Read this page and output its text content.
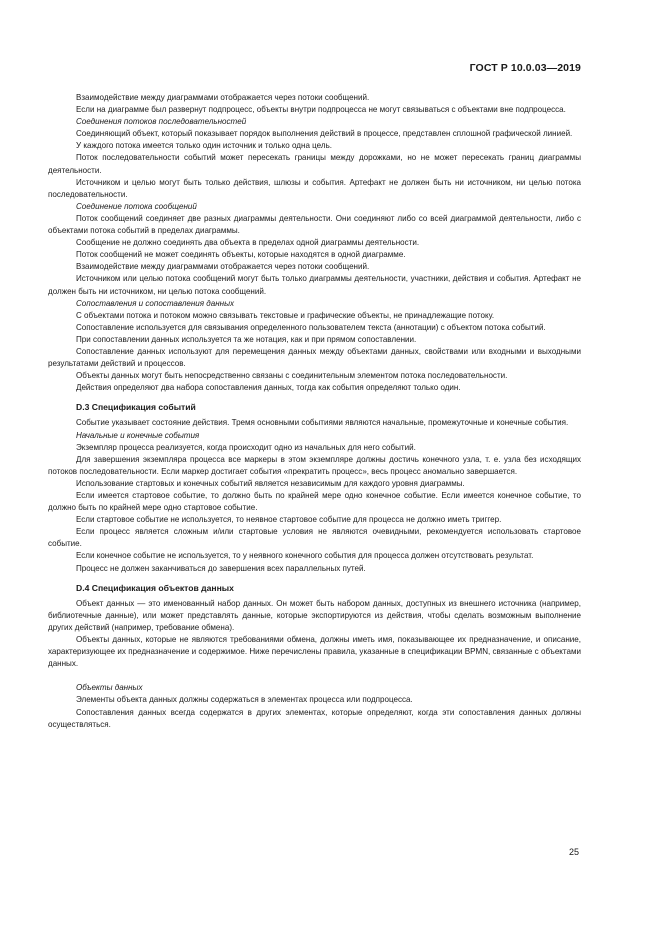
ГОСТ Р 10.0.03—2019

Взаимодействие между диаграммами отображается через потоки сообщений.

Если на диаграмме был развернут подпроцесс, объекты внутри подпроцесса не могут связываться с объектами вне подпроцесса.

Соединения потоков последовательностей

Соединяющий объект, который показывает порядок выполнения действий в процессе, представлен сплошной графической линией.

У каждого потока имеется только один источник и только одна цель.

Поток последовательности событий может пересекать границы между дорожками, но не может пересекать границ диаграммы деятельности.

Источником и целью могут быть только действия, шлюзы и события. Артефакт не должен быть ни источником, ни целью потока последовательности.

Соединение потока сообщений

Поток сообщений соединяет две разных диаграммы деятельности. Они соединяют либо со всей диаграммой деятельности, либо с объектами потока событий в пределах диаграммы.

Сообщение не должно соединять два объекта в пределах одной диаграммы деятельности.

Поток сообщений не может соединять объекты, которые находятся в одной диаграмме.

Взаимодействие между диаграммами отображается через потоки сообщений.

Источником или целью потока сообщений могут быть только диаграммы деятельности, участники, действия и события. Артефакт не должен быть ни источником, ни целью потока сообщений.

Сопоставления и сопоставления данных

С объектами потока и потоком можно связывать текстовые и графические объекты, не принадлежащие потоку.

Сопоставление используется для связывания определенного пользователем текста (аннотации) с объектом потока событий.

При сопоставлении данных используется та же нотация, как и при прямом сопоставлении.

Сопоставление данных используют для перемещения данных между объектами данных, свойствами или входными и выходными результатами действий и процессов.

Объекты данных могут быть непосредственно связаны с соединительным элементом потока последовательности.

Действия определяют два набора сопоставления данных, тогда как события определяют только один.

D.3 Спецификация событий

Событие указывает состояние действия. Тремя основными событиями являются начальные, промежуточные и конечные события.

Начальные и конечные события

Экземпляр процесса реализуется, когда происходит одно из начальных для него событий.

Для завершения экземпляра процесса все маркеры в этом экземпляре должны достичь конечного узла, т. е. узла без исходящих потоков последовательности. Если маркер достигает события «прекратить процесс», весь процесс аномально завершается.

Использование стартовых и конечных событий является независимым для каждого уровня диаграммы.

Если имеется стартовое событие, то должно быть по крайней мере одно конечное событие. Если имеется конечное событие, то должно быть по крайней мере одно стартовое событие.

Если стартовое событие не используется, то неявное стартовое событие для процесса не должно иметь триггер.

Если процесс является сложным и/или стартовые условия не являются очевидными, рекомендуется использовать стартовое событие.

Если конечное событие не используется, то у неявного конечного события для процесса должен отсутствовать результат.

Процесс не должен заканчиваться до завершения всех параллельных путей.

D.4 Спецификация объектов данных

Объект данных — это именованный набор данных. Он может быть набором данных, доступных из внешнего источника (например, библиотечные данные), или может представлять данные, которые экспортируются из действия, чтобы сделать возможным выполнение других действий (например, требование обмена).

Объекты данных, которые не являются требованиями обмена, должны иметь имя, показывающее их предназначение, и описание, характеризующее их предназначение и содержимое. Ниже перечислены правила, указанные в спецификации BPMN, связанные с объектами данных.

Объекты данных

Элементы объекта данных должны содержаться в элементах процесса или подпроцесса.

Сопоставления данных всегда содержатся в других элементах, которые определяют, когда эти сопоставления данных должны осуществляться.

25
